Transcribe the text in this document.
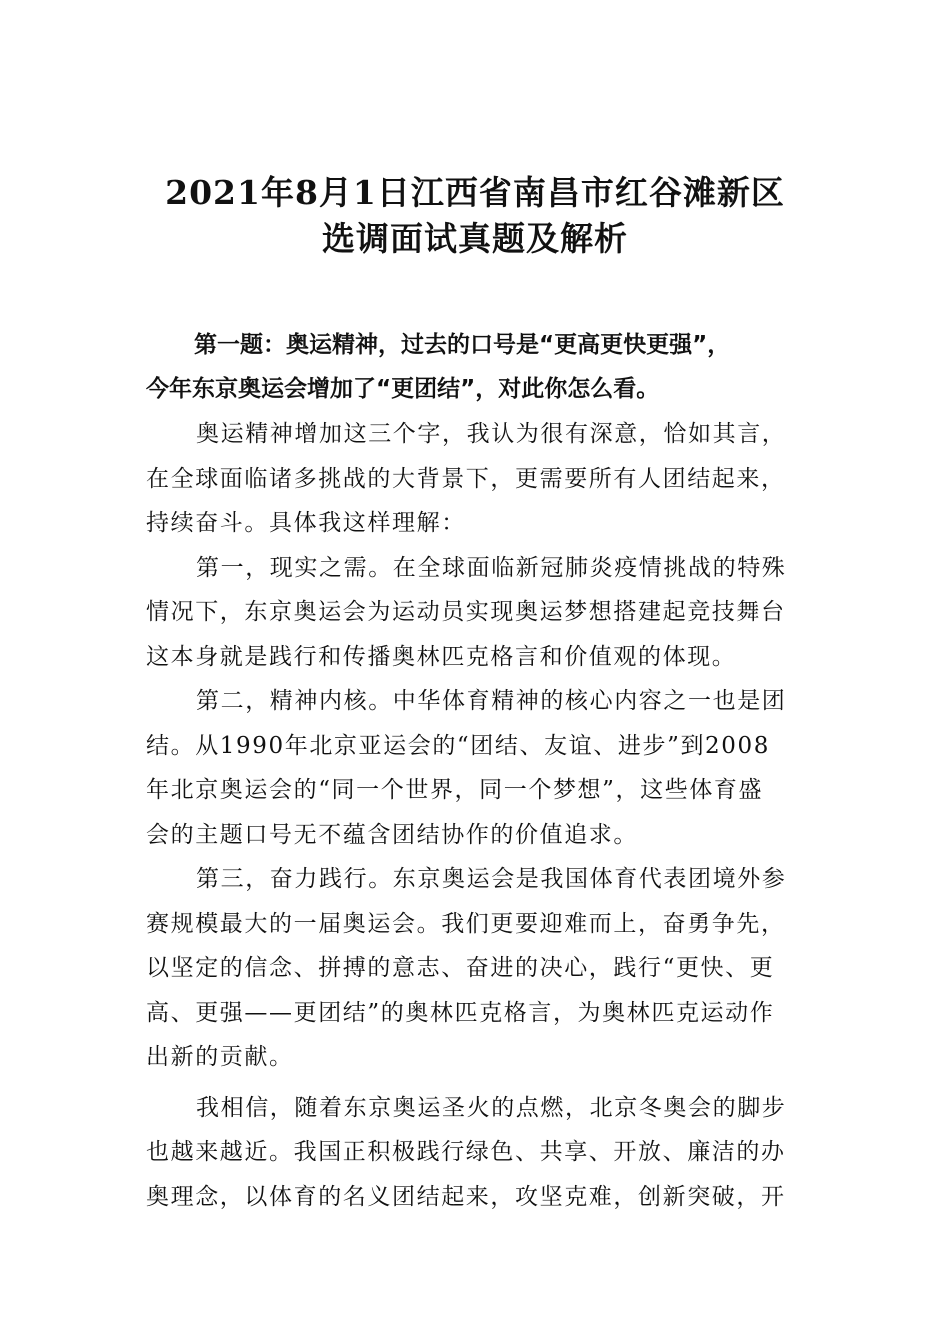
2021年8月1日江西省南昌市红谷滩新区
选调面试真题及解析
第一题：奥运精神，过去的口号是“更高更快更强”，
今年东京奥运会增加了“更团结”，对此你怎么看。
奥运精神增加这三个字，我认为很有深意，恰如其言，
在全球面临诸多挑战的大背景下，更需要所有人团结起来，
持续奋斗。具体我这样理解：
第一，现实之需。在全球面临新冠肺炎疫情挑战的特殊
情况下，东京奥运会为运动员实现奥运梦想搭建起竞技舞台
这本身就是践行和传播奥林匹克格言和价值观的体现。
第二，精神内核。中华体育精神的核心内容之一也是团
结。从1990年北京亚运会的“团结、友谊、进步”到2008
年北京奥运会的“同一个世界，同一个梦想”，这些体育盛
会的主题口号无不蕴含团结协作的价值追求。
第三，奋力践行。东京奥运会是我国体育代表团境外参
赛规模最大的一届奥运会。我们更要迎难而上，奋勇争先，
以坚定的信念、拼搏的意志、奋进的决心，践行“更快、更
高、更强——更团结”的奥林匹克格言，为奥林匹克运动作
出新的贡献。
我相信，随着东京奥运圣火的点燃，北京冬奥会的脚步
也越来越近。我国正积极践行绿色、共享、开放、廉洁的办
奥理念，以体育的名义团结起来，攻坚克难，创新突破，开
